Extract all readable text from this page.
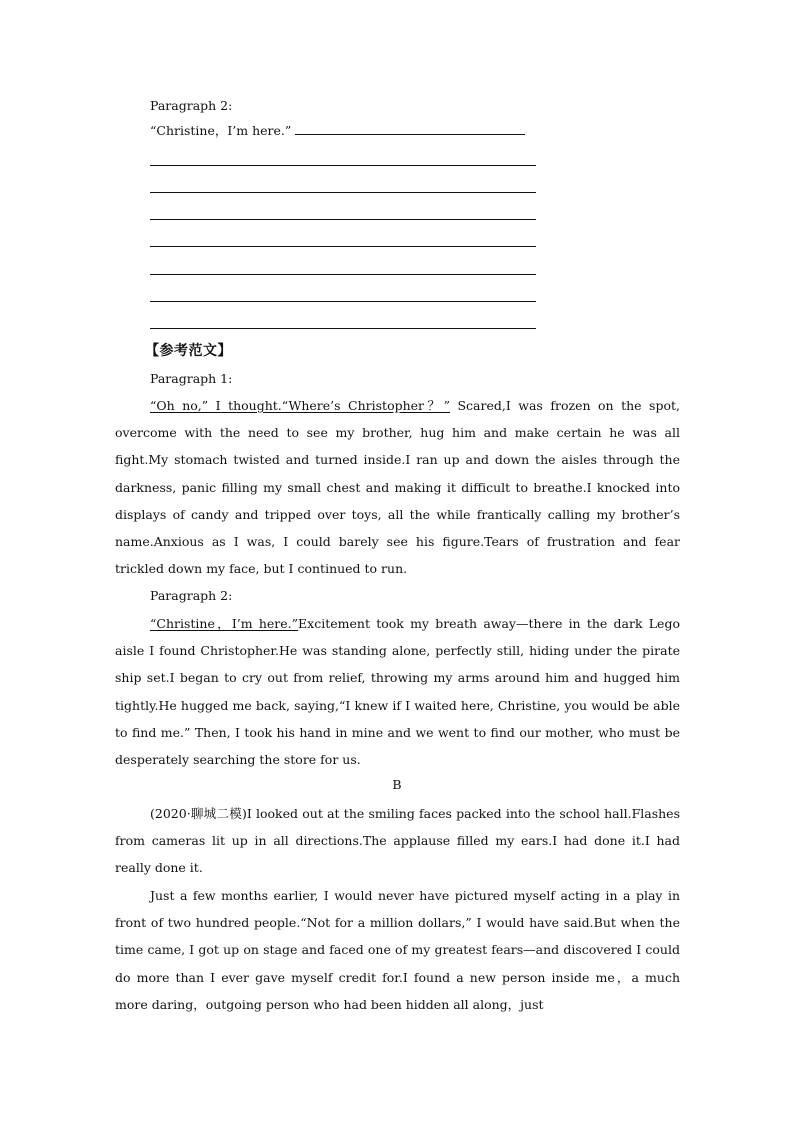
Paragraph 2:
“Christine，I’m here.”
【参考范文】
Paragraph 1:

“Oh no,” I thought.“Where’s Christopher？” Scared,I was frozen on the spot, overcome with the need to see my brother, hug him and make certain he was all fight.My stomach twisted and turned inside.I ran up and down the aisles through the darkness, panic filling my small chest and making it difficult to breathe.I knocked into displays of candy and tripped over toys, all the while frantically calling my brother’s name.Anxious as I was, I could barely see his figure.Tears of frustration and fear trickled down my face, but I continued to run.

Paragraph 2:

“Christine，I’m here.”Excitement took my breath away—there in the dark Lego aisle I found Christopher.He was standing alone, perfectly still, hiding under the pirate ship set.I began to cry out from relief, throwing my arms around him and hugged him tightly.He hugged me back, saying,“I knew if I waited here, Christine, you would be able to find me.” Then, I took his hand in mine and we went to find our mother, who must be desperately searching the store for us.

B

(2020·聊城二模)I looked out at the smiling faces packed into the school hall.Flashes from cameras lit up in all directions.The applause filled my ears.I had done it.I had really done it.

Just a few months earlier, I would never have pictured myself acting in a play in front of two hundred people.“Not for a million dollars,” I would have said.But when the time came, I got up on stage and faced one of my greatest fears—and discovered I could do more than I ever gave myself credit for.I found a new person inside me，a much more daring，outgoing person who had been hidden all along，just
